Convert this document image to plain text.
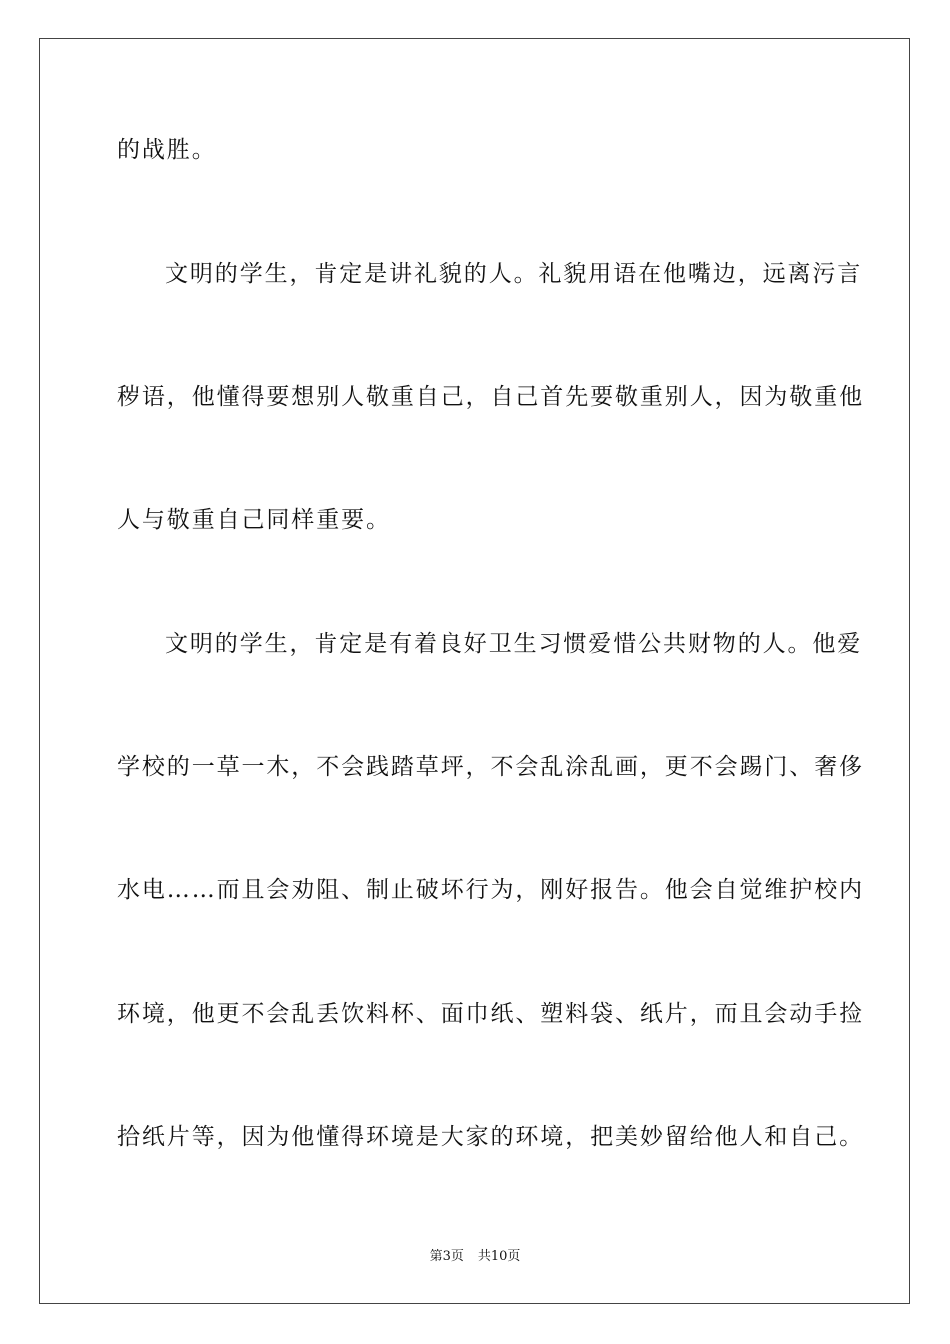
的战胜。
文明的学生，肯定是讲礼貌的人。礼貌用语在他嘴边，远离污言
秽语，他懂得要想别人敬重自己，自己首先要敬重别人，因为敬重他
人与敬重自己同样重要。
文明的学生，肯定是有着良好卫生习惯爱惜公共财物的人。他爱
学校的一草一木，不会践踏草坪，不会乱涂乱画，更不会踢门、奢侈
水电……而且会劝阻、制止破坏行为，刚好报告。他会自觉维护校内
环境，他更不会乱丢饮料杯、面巾纸、塑料袋、纸片，而且会动手捡
拾纸片等，因为他懂得环境是大家的环境，把美妙留给他人和自己。
第3页 共10页
